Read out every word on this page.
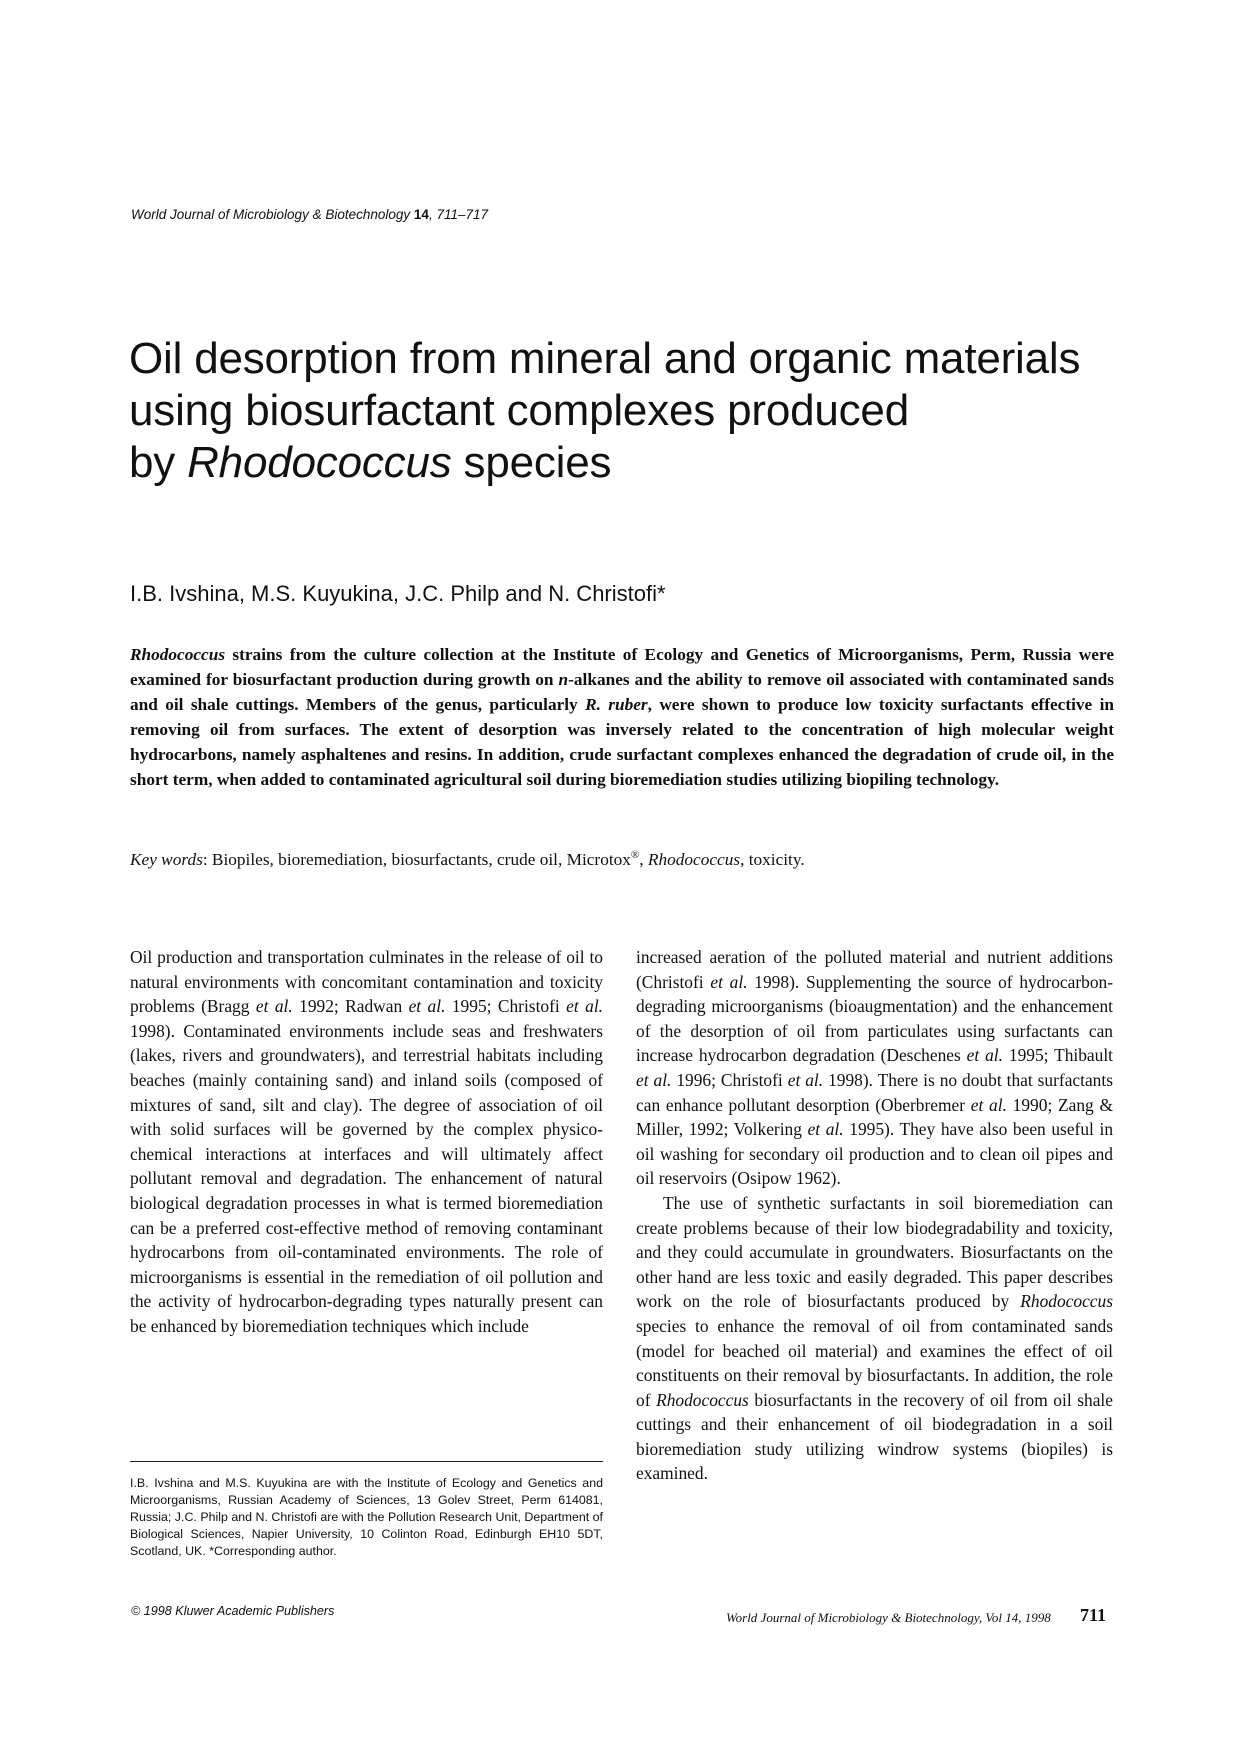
World Journal of Microbiology & Biotechnology 14, 711–717
Oil desorption from mineral and organic materials
using biosurfactant complexes produced
by Rhodococcus species
I.B. Ivshina, M.S. Kuyukina, J.C. Philp and N. Christofi*

Rhodococcus strains from the culture collection at the Institute of Ecology and Genetics of Microorganisms, Perm, Russia were examined for biosurfactant production during growth on n-alkanes and the ability to remove oil associated with contaminated sands and oil shale cuttings. Members of the genus, particularly R. ruber, were shown to produce low toxicity surfactants effective in removing oil from surfaces. The extent of desorption was inversely related to the concentration of high molecular weight hydrocarbons, namely asphaltenes and resins. In addition, crude surfactant complexes enhanced the degradation of crude oil, in the short term, when added to contaminated agricultural soil during bioremediation studies utilizing biopiling technology.

Key words: Biopiles, bioremediation, biosurfactants, crude oil, Microtox®, Rhodococcus, toxicity.

Oil production and transportation culminates in the release of oil to natural environments with concomitant contamination and toxicity problems (Bragg et al. 1992; Radwan et al. 1995; Christofi et al. 1998). Contaminated environments include seas and freshwaters (lakes, rivers and groundwaters), and terrestrial habitats including beaches (mainly containing sand) and inland soils (composed of mixtures of sand, silt and clay). The degree of association of oil with solid surfaces will be governed by the complex physico-chemical interactions at interfaces and will ultimately affect pollutant removal and degradation. The enhancement of natural biological degradation processes in what is termed bioremediation can be a preferred cost-effective method of removing contaminant hydrocarbons from oil-contaminated environments. The role of microorganisms is essential in the remediation of oil pollution and the activity of hydrocarbon-degrading types naturally present can be enhanced by bioremediation techniques which include

increased aeration of the polluted material and nutrient additions (Christofi et al. 1998). Supplementing the source of hydrocarbon-degrading microorganisms (bioaugmentation) and the enhancement of the desorption of oil from particulates using surfactants can increase hydrocarbon degradation (Deschenes et al. 1995; Thibault et al. 1996; Christofi et al. 1998). There is no doubt that surfactants can enhance pollutant desorption (Oberbremer et al. 1990; Zang & Miller, 1992; Volkering et al. 1995). They have also been useful in oil washing for secondary oil production and to clean oil pipes and oil reservoirs (Osipow 1962).

The use of synthetic surfactants in soil bioremediation can create problems because of their low biodegradability and toxicity, and they could accumulate in groundwaters. Biosurfactants on the other hand are less toxic and easily degraded. This paper describes work on the role of biosurfactants produced by Rhodococcus species to enhance the removal of oil from contaminated sands (model for beached oil material) and examines the effect of oil constituents on their removal by biosurfactants. In addition, the role of Rhodococcus biosurfactants in the recovery of oil from oil shale cuttings and their enhancement of oil biodegradation in a soil bioremediation study utilizing windrow systems (biopiles) is examined.

I.B. Ivshina and M.S. Kuyukina are with the Institute of Ecology and Genetics and Microorganisms, Russian Academy of Sciences, 13 Golev Street, Perm 614081, Russia; J.C. Philp and N. Christofi are with the Pollution Research Unit, Department of Biological Sciences, Napier University, 10 Colinton Road, Edinburgh EH10 5DT, Scotland, UK. *Corresponding author.

© 1998 Kluwer Academic Publishers	World Journal of Microbiology & Biotechnology, Vol 14, 1998 711
